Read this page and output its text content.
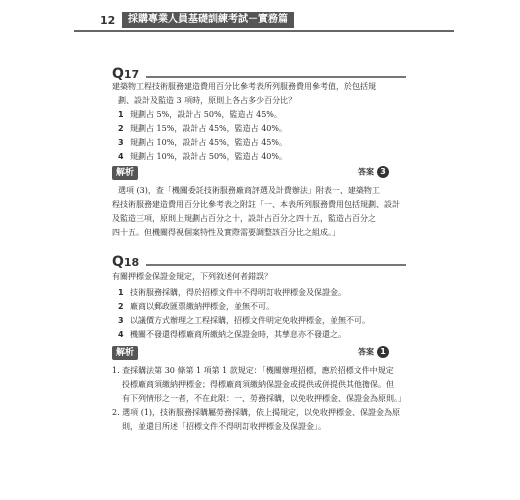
12	採購專業人員基礎訓練考試－實務篇
Q17
建築物工程技術服務建造費用百分比參考表所列服務費用參考值，於包括規
劃、設計及監造 3 項時，原則上各占多少百分比？
1 規劃占 5%，設計占 50%，監造占 45%。
2 規劃占 15%，設計占 45%，監造占 40%。
3 規劃占 10%，設計占 45%，監造占 45%。
4 規劃占 10%，設計占 50%，監造占 40%。
解析	答案 3
選項 (3)，查「機關委託技術服務廠商評選及計費辦法」附表一、建築物工
程技術服務建造費用百分比參考表之附註「一、本表所列服務費用包括規劃、設計
及監造三項，原則上規劃占百分之十，設計占百分之四十五，監造占百分之
四十五。但機關得視個案特性及實際需要調整該百分比之組成。」
Q18
有關押標金保證金規定，下列敘述何者錯誤？
1 技術服務採購，得於招標文件中不得明訂收押標金及保證金。
2 廠商以郵政匯票繳納押標金，並無不可。
3 以議價方式辦理之工程採購，招標文件明定免收押標金，並無不可。
4 機關不發還得標廠商所繳納之保證金時，其孳息亦不發還之。
解析	答案 1
1. 查採購法第 30 條第 1 項第 1 款規定：「機關辦理招標，應於招標文件中規定
投標廠商須繳納押標金；得標廠商須繳納保證金或提供或併提供其他擔保。但
有下列情形之一者，不在此限：一、勞務採購，以免收押標金、保證金為原則。」
2. 選項 (1)，技術服務採購屬勞務採購，依上揭規定，以免收押標金、保證金為原
則，並還目所述「招標文件不得明訂收押標金及保證金」。
